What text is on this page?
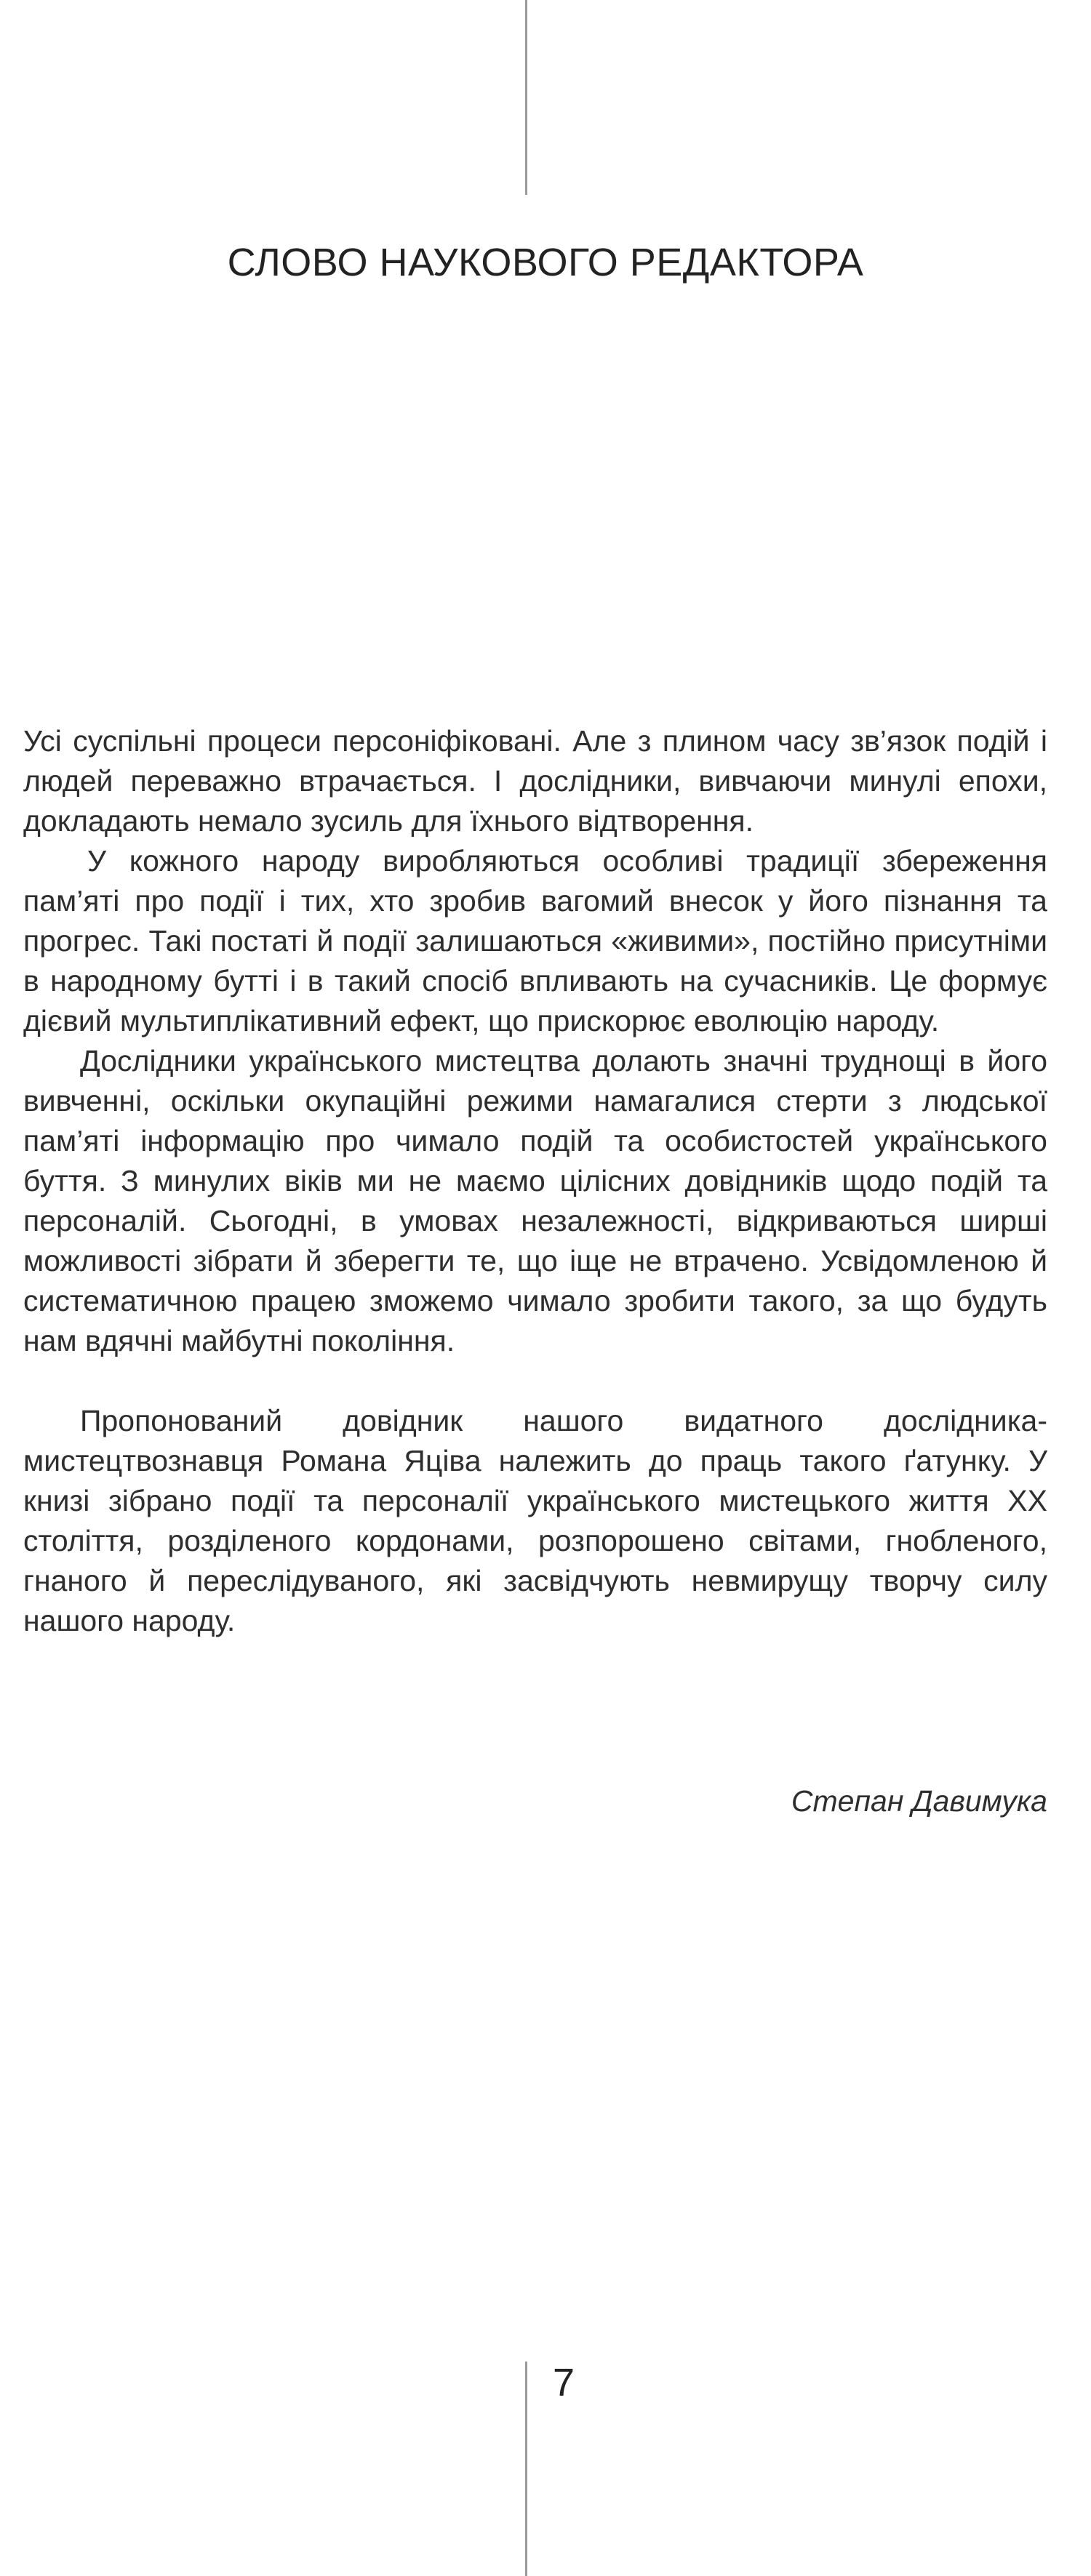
СЛОВО НАУКОВОГО РЕДАКТОРА

Усі суспільні процеси персоніфіковані. Але з плином часу зв’язок подій і людей переважно втрачається. І дослідники, вивчаючи минулі епохи, докладають немало зусиль для їхнього відтворення.

У кожного народу виробляються особливі традиції збереження пам’яті про події і тих, хто зробив вагомий внесок у його пізнання та прогрес. Такі постаті й події залишаються «живими», постійно присутніми в народному бутті і в такий спосіб впливають на сучасників. Це формує дієвий мультиплікативний ефект, що прискорює еволюцію народу.

Дослідники українського мистецтва долають значні труднощі в його вивченні, оскільки окупаційні режими намагалися стерти з людської пам’яті інформацію про чимало подій та особистостей українського буття. З минулих віків ми не маємо цілісних довідників щодо подій та персоналій. Сьогодні, в умовах незалежності, відкриваються ширші можливості зібрати й зберегти те, що іще не втрачено. Усвідомленою й систематичною працею зможемо чимало зробити такого, за що будуть нам вдячні майбутні покоління.

Пропонований довідник нашого видатного дослідника-мистецтвознавця Романа Яціва належить до праць такого ґатунку. У книзі зібрано події та персоналії українського мистецького життя XX століття, розділеного кордонами, розпорошено світами, гнобленого, гнаного й переслідуваного, які засвідчують невмирущу творчу силу нашого народу.

Степан Давимука
7
